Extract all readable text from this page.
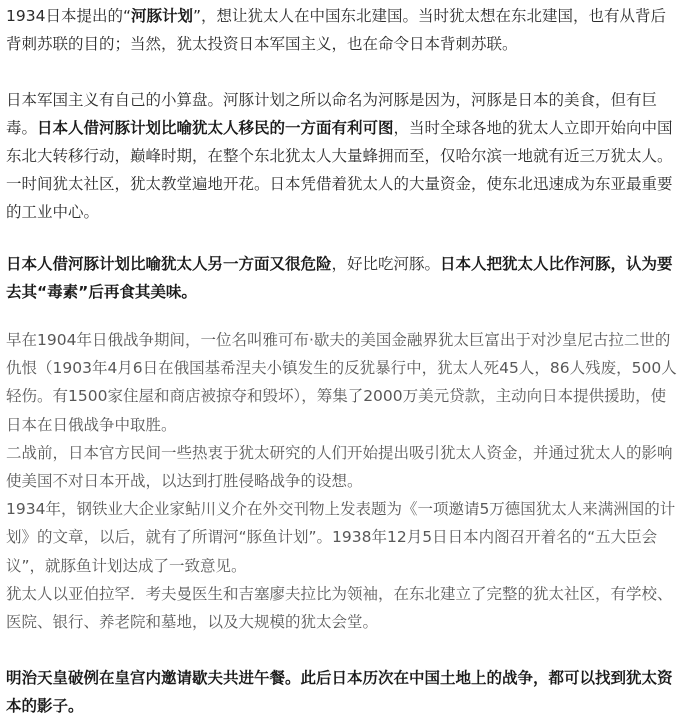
1934日本提出的“河豚计划”，想让犹太人在中国东北建国。当时犹太想在东北建国，也有从背后背刺苏联的目的；当然，犹太投资日本军国主义，也在命令日本背刺苏联。

日本军国主义有自己的小算盘。河豚计划之所以命名为河豚是因为，河豚是日本的美食，但有巨毒。日本人借河豚计划比喻犹太人移民的一方面有利可图，当时全球各地的犹太人立即开始向中国东北大转移行动，巅峰时期，在整个东北犹太人大量蜂拥而至，仅哈尔滨一地就有近三万犹太人。一时间犹太社区，犹太教堂遍地开花。日本凭借着犹太人的大量资金，使东北迅速成为东亚最重要的工业中心。

日本人借河豚计划比喻犹太人另一方面又很危险，好比吃河豚。日本人把犹太人比作河豚，认为要去其“毒素”后再食其美味。

早在1904年日俄战争期间，一位名叫雅可布·歇夫的美国金融界犹太巨富出于对沙皇尼古拉二世的仇恨（1903年4月6日在俄国基希涅夫小镇发生的反犹暴行中，犹太人死45人，86人残废，500人轻伤。有1500家住屋和商店被掠夺和毁坏），筹集了2000万美元贷款，主动向日本提供援助，使日本在日俄战争中取胜。

二战前，日本官方民间一些热衷于犹太研究的人们开始提出吸引犹太人资金，并通过犹太人的影响使美国不对日本开战，以达到打胜侵略战争的设想。

1934年，钢铁业大企业家鲇川义介在外交刊物上发表题为《一项邀请5万德国犹太人来满洲国的计划》的文章，以后，就有了所谓河“豚鱼计划”。1938年12月5日日本内阁召开着名的“五大臣会议”，就豚鱼计划达成了一致意见。

犹太人以亚伯拉罕．考夫曼医生和吉塞廖夫拉比为领袖，在东北建立了完整的犹太社区，有学校、医院、银行、养老院和墓地，以及大规模的犹太会堂。

明治天皇破例在皇宫内邀请歇夫共进午餐。此后日本历次在中国土地上的战争，都可以找到犹太资本的影子。
